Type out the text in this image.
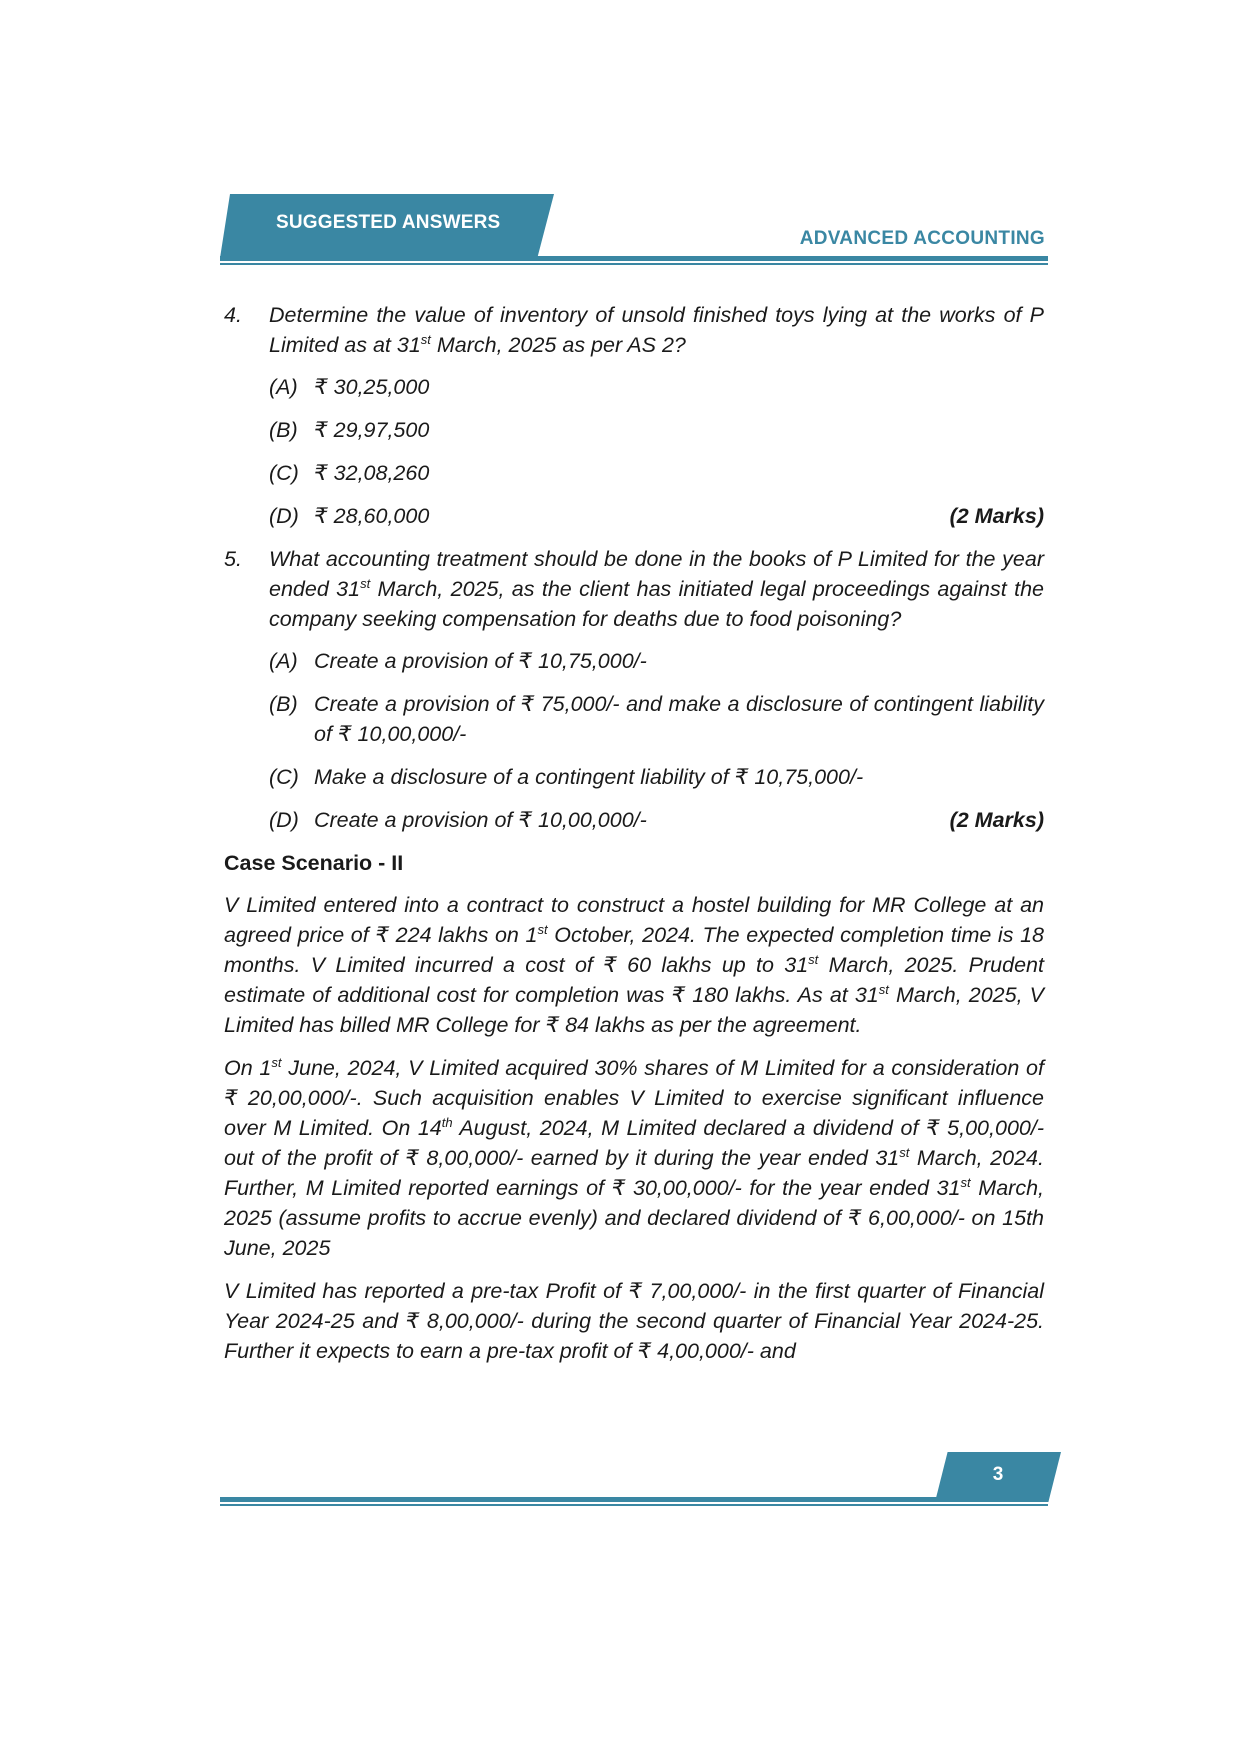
SUGGESTED ANSWERS
ADVANCED ACCOUNTING
4.	Determine the value of inventory of unsold finished toys lying at the works of P Limited as at 31st March, 2025 as per AS 2?
(A) ₹ 30,25,000
(B) ₹ 29,97,500
(C) ₹ 32,08,260
(D) ₹ 28,60,000	(2 Marks)
5.	What accounting treatment should be done in the books of P Limited for the year ended 31st March, 2025, as the client has initiated legal proceedings against the company seeking compensation for deaths due to food poisoning?
(A) Create a provision of ₹ 10,75,000/-
(B) Create a provision of ₹ 75,000/- and make a disclosure of contingent liability of ₹ 10,00,000/-
(C) Make a disclosure of a contingent liability of ₹ 10,75,000/-
(D) Create a provision of ₹ 10,00,000/-	(2 Marks)
Case Scenario - II

V Limited entered into a contract to construct a hostel building for MR College at an agreed price of ₹ 224 lakhs on 1st October, 2024. The expected completion time is 18 months. V Limited incurred a cost of ₹ 60 lakhs up to 31st March, 2025. Prudent estimate of additional cost for completion was ₹ 180 lakhs. As at 31st March, 2025, V Limited has billed MR College for ₹ 84 lakhs as per the agreement.

On 1st June, 2024, V Limited acquired 30% shares of M Limited for a consideration of ₹ 20,00,000/-. Such acquisition enables V Limited to exercise significant influence over M Limited. On 14th August, 2024, M Limited declared a dividend of ₹ 5,00,000/- out of the profit of ₹ 8,00,000/- earned by it during the year ended 31st March, 2024. Further, M Limited reported earnings of ₹ 30,00,000/- for the year ended 31st March, 2025 (assume profits to accrue evenly) and declared dividend of ₹ 6,00,000/- on 15th June, 2025

V Limited has reported a pre-tax Profit of ₹ 7,00,000/- in the first quarter of Financial Year 2024-25 and ₹ 8,00,000/- during the second quarter of Financial Year 2024-25. Further it expects to earn a pre-tax profit of ₹ 4,00,000/- and

3
